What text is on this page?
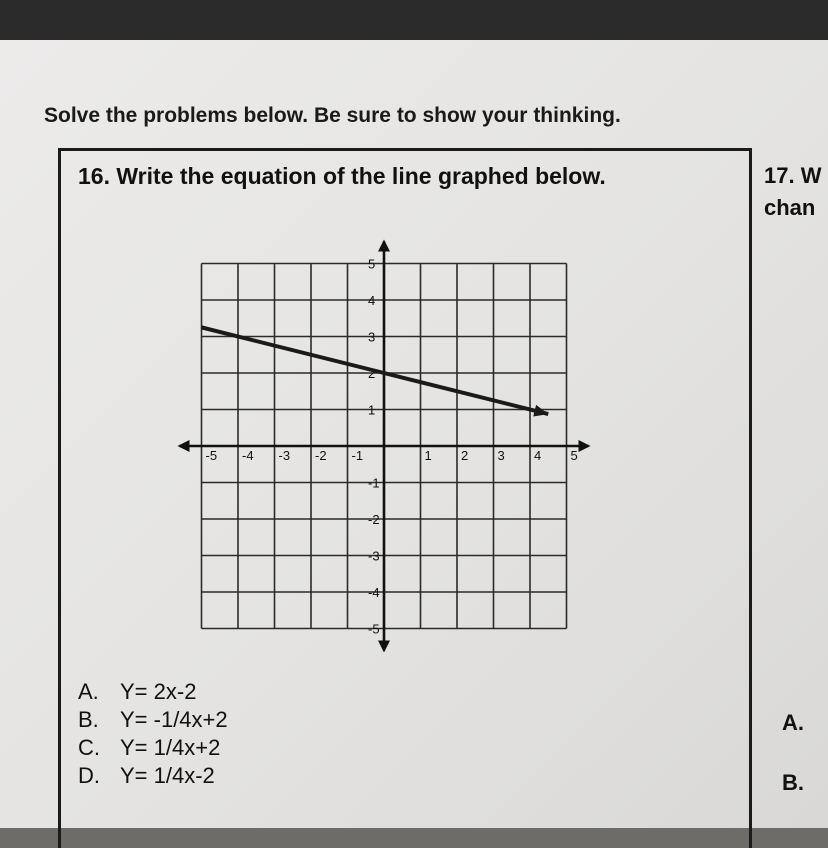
Solve the problems below. Be sure to show your thinking.
16. Write the equation of the line graphed below.	17. W
chan
-5 -4 -3 -2 -1	1 2 3 4 5
5
4
3
2
1
-1
-2
-3
-4
-5
A. Y= 2x-2
B. Y= -1/4x+2
C. Y= 1/4x+2
D. Y= 1/4x-2
A.
B.
